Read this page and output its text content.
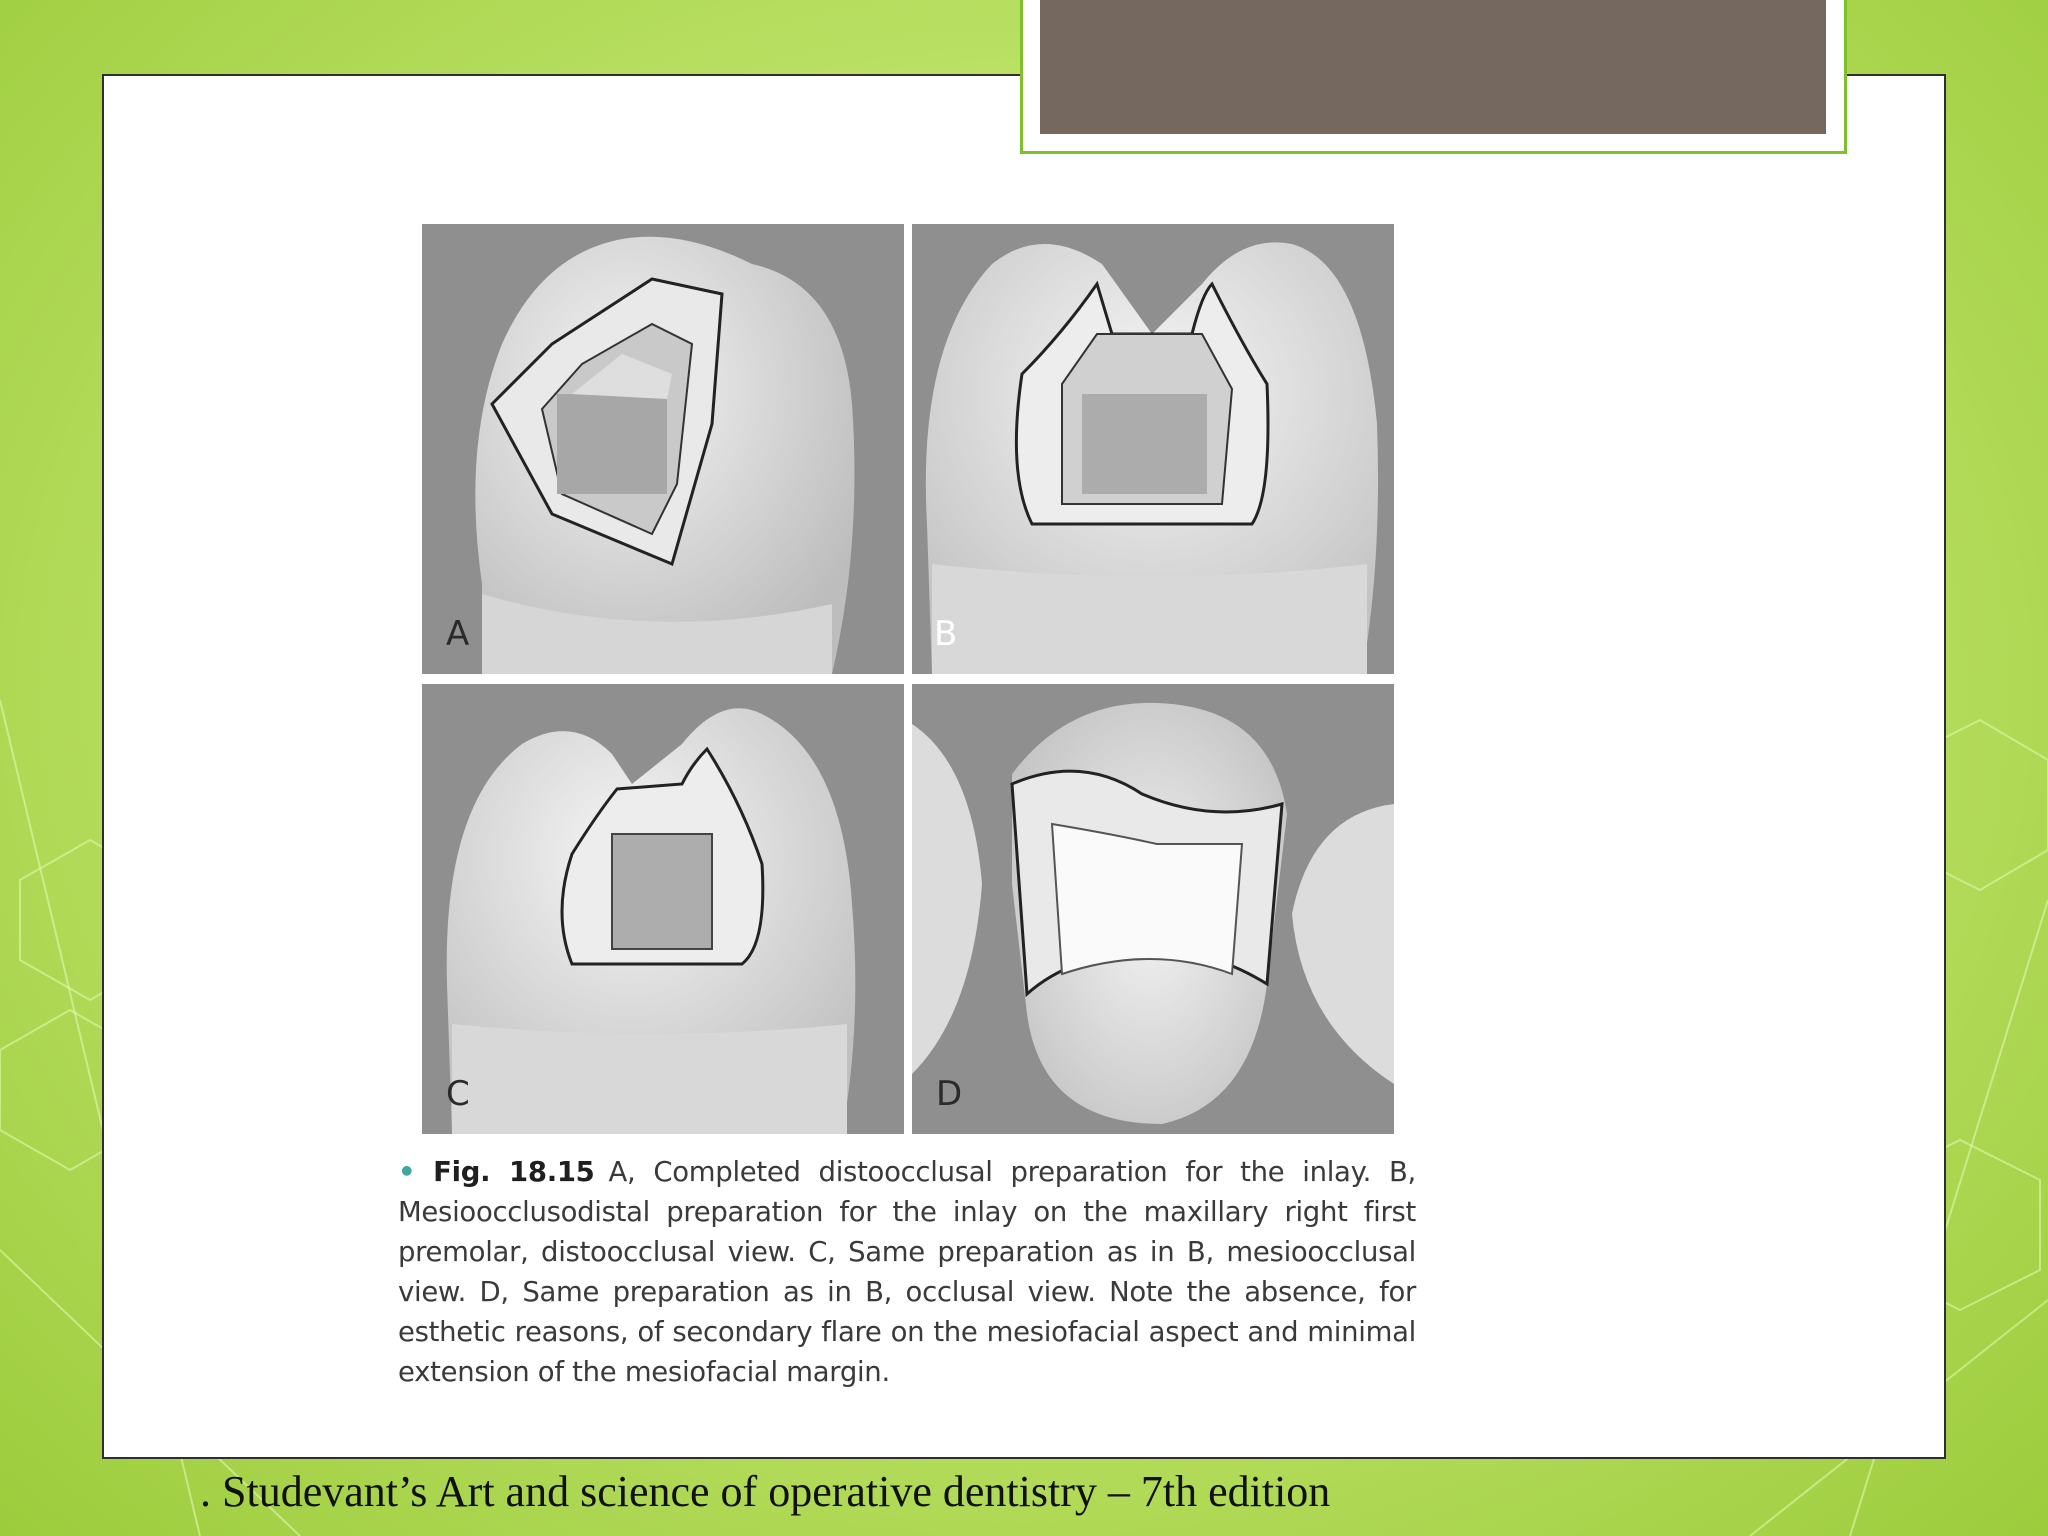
A	B
C	D
• Fig. 18.15 A, Completed distoocclusal preparation for the inlay. B, Mesioocclusodistal preparation for the inlay on the maxillary right first premolar, distoocclusal view. C, Same preparation as in B, mesioocclusal view. D, Same preparation as in B, occlusal view. Note the absence, for esthetic reasons, of secondary flare on the mesiofacial aspect and minimal extension of the mesiofacial margin.
. Studevant’s Art and science of operative dentistry – 7th edition
